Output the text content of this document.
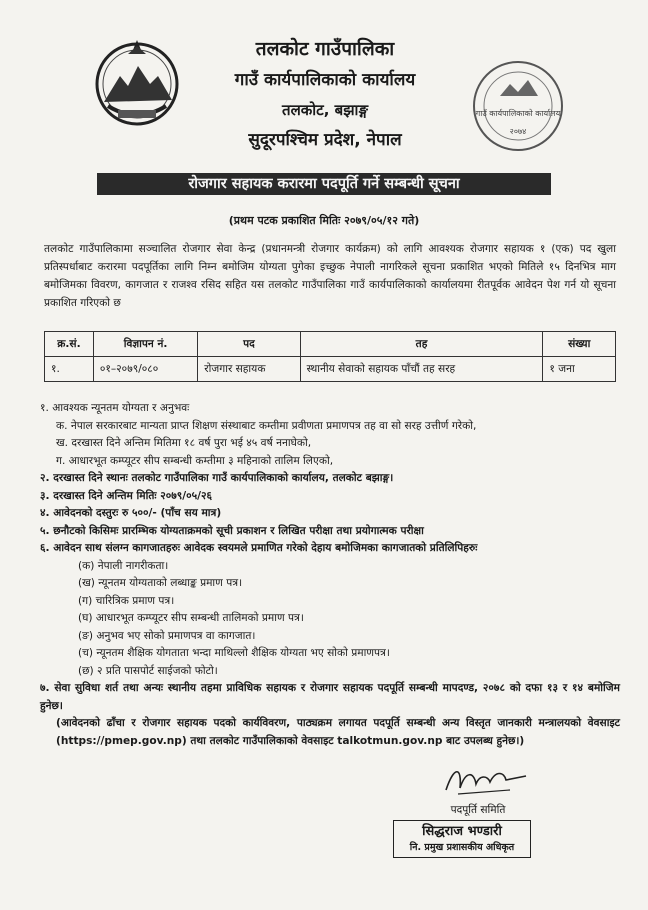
तलकोट गाउँपालिका
गाउँ कार्यपालिकाको कार्यालय
तलकोट, बझाङ्ग
सुदूरपश्चिम प्रदेश, नेपाल
गाउँ कार्यपालिकाको कार्यालय
२०७४
रोजगार सहायक करारमा पदपूर्ति गर्ने सम्बन्धी सूचना
(प्रथम पटक प्रकाशित मितिः २०७९/०५/१२ गते)
तलकोट गाउँपालिकामा सञ्चालित रोजगार सेवा केन्द्र (प्रधानमन्त्री रोजगार कार्यक्रम) को लागि आवश्यक रोजगार सहायक १ (एक) पद खुला प्रतिस्पर्धाबाट करारमा पदपूर्तिका लागि निम्न बमोजिम योग्यता पुगेका इच्छुक नेपाली नागरिकले सूचना प्रकाशित भएको मितिले १५ दिनभित्र माग बमोजिमका विवरण, कागजात र राजश्व रसिद सहित यस तलकोट गाउँपालिका गाउँ कार्यपालिकाको कार्यालयमा रीतपूर्वक आवेदन पेश गर्न यो सूचना प्रकाशित गरिएको छ
क्र.सं.	विज्ञापन नं.	पद	तह	संख्या
१.	०१–२०७९/०८०	रोजगार सहायक	स्थानीय सेवाको सहायक पाँचौं तह सरह	१ जना
१. आवश्यक न्यूनतम योग्यता र अनुभवः
क. नेपाल सरकारबाट मान्यता प्राप्त शिक्षण संस्थाबाट कम्तीमा प्रवीणता प्रमाणपत्र तह वा सो सरह उत्तीर्ण गरेको,
ख. दरखास्त दिने अन्तिम मितिमा १८ वर्ष पुरा भई ४५ वर्ष ननाघेको,
ग. आधारभूत कम्प्यूटर सीप सम्बन्धी कम्तीमा ३ महिनाको तालिम लिएको,
२. दरखास्त दिने स्थानः तलकोट गाउँपालिका गाउँ कार्यपालिकाको कार्यालय, तलकोट बझाङ्ग।
३. दरखास्त दिने अन्तिम मितिः २०७९/०५/२६
४. आवेदनको दस्तुरः रु ५००/- (पाँच सय मात्र)
५. छनौटको किसिमः प्रारम्भिक योग्यताक्रमको सूची प्रकाशन र लिखित परीक्षा तथा प्रयोगात्मक परीक्षा
६. आवेदन साथ संलग्न कागजातहरुः आवेदक स्वयमले प्रमाणित गरेको देहाय बमोजिमका कागजातको प्रतिलिपिहरुः
(क) नेपाली नागरीकता।
(ख) न्यूनतम योग्यताको लब्धाङ्क प्रमाण पत्र।
(ग) चारित्रिक प्रमाण पत्र।
(घ) आधारभूत कम्प्यूटर सीप सम्बन्धी तालिमको प्रमाण पत्र।
(ङ) अनुभव भए सोको प्रमाणपत्र वा कागजात।
(च) न्यूनतम शैक्षिक योगताता भन्दा माथिल्लो शैक्षिक योग्यता भए सोको प्रमाणपत्र।
(छ) २ प्रति पासपोर्ट साईजको फोटो।
७. सेवा सुविधा शर्त तथा अन्यः स्थानीय तहमा प्राविधिक सहायक र रोजगार सहायक पदपूर्ति सम्बन्धी मापदण्ड, २०७८ को दफा १३ र १४ बमोजिम हुनेछ।
(आवेदनको ढाँचा र रोजगार सहायक पदको कार्यविवरण, पाठ्यक्रम लगायत पदपूर्ति सम्बन्धी अन्य विस्तृत जानकारी मन्त्रालयको वेवसाइट (https://pmep.gov.np) तथा तलकोट गाउँपालिकाको वेवसाइट talkotmun.gov.np बाट उपलब्ध हुनेछ।)
पदपूर्ति समिति
सिद्धराज भण्डारी
नि. प्रमुख प्रशासकीय अधिकृत
